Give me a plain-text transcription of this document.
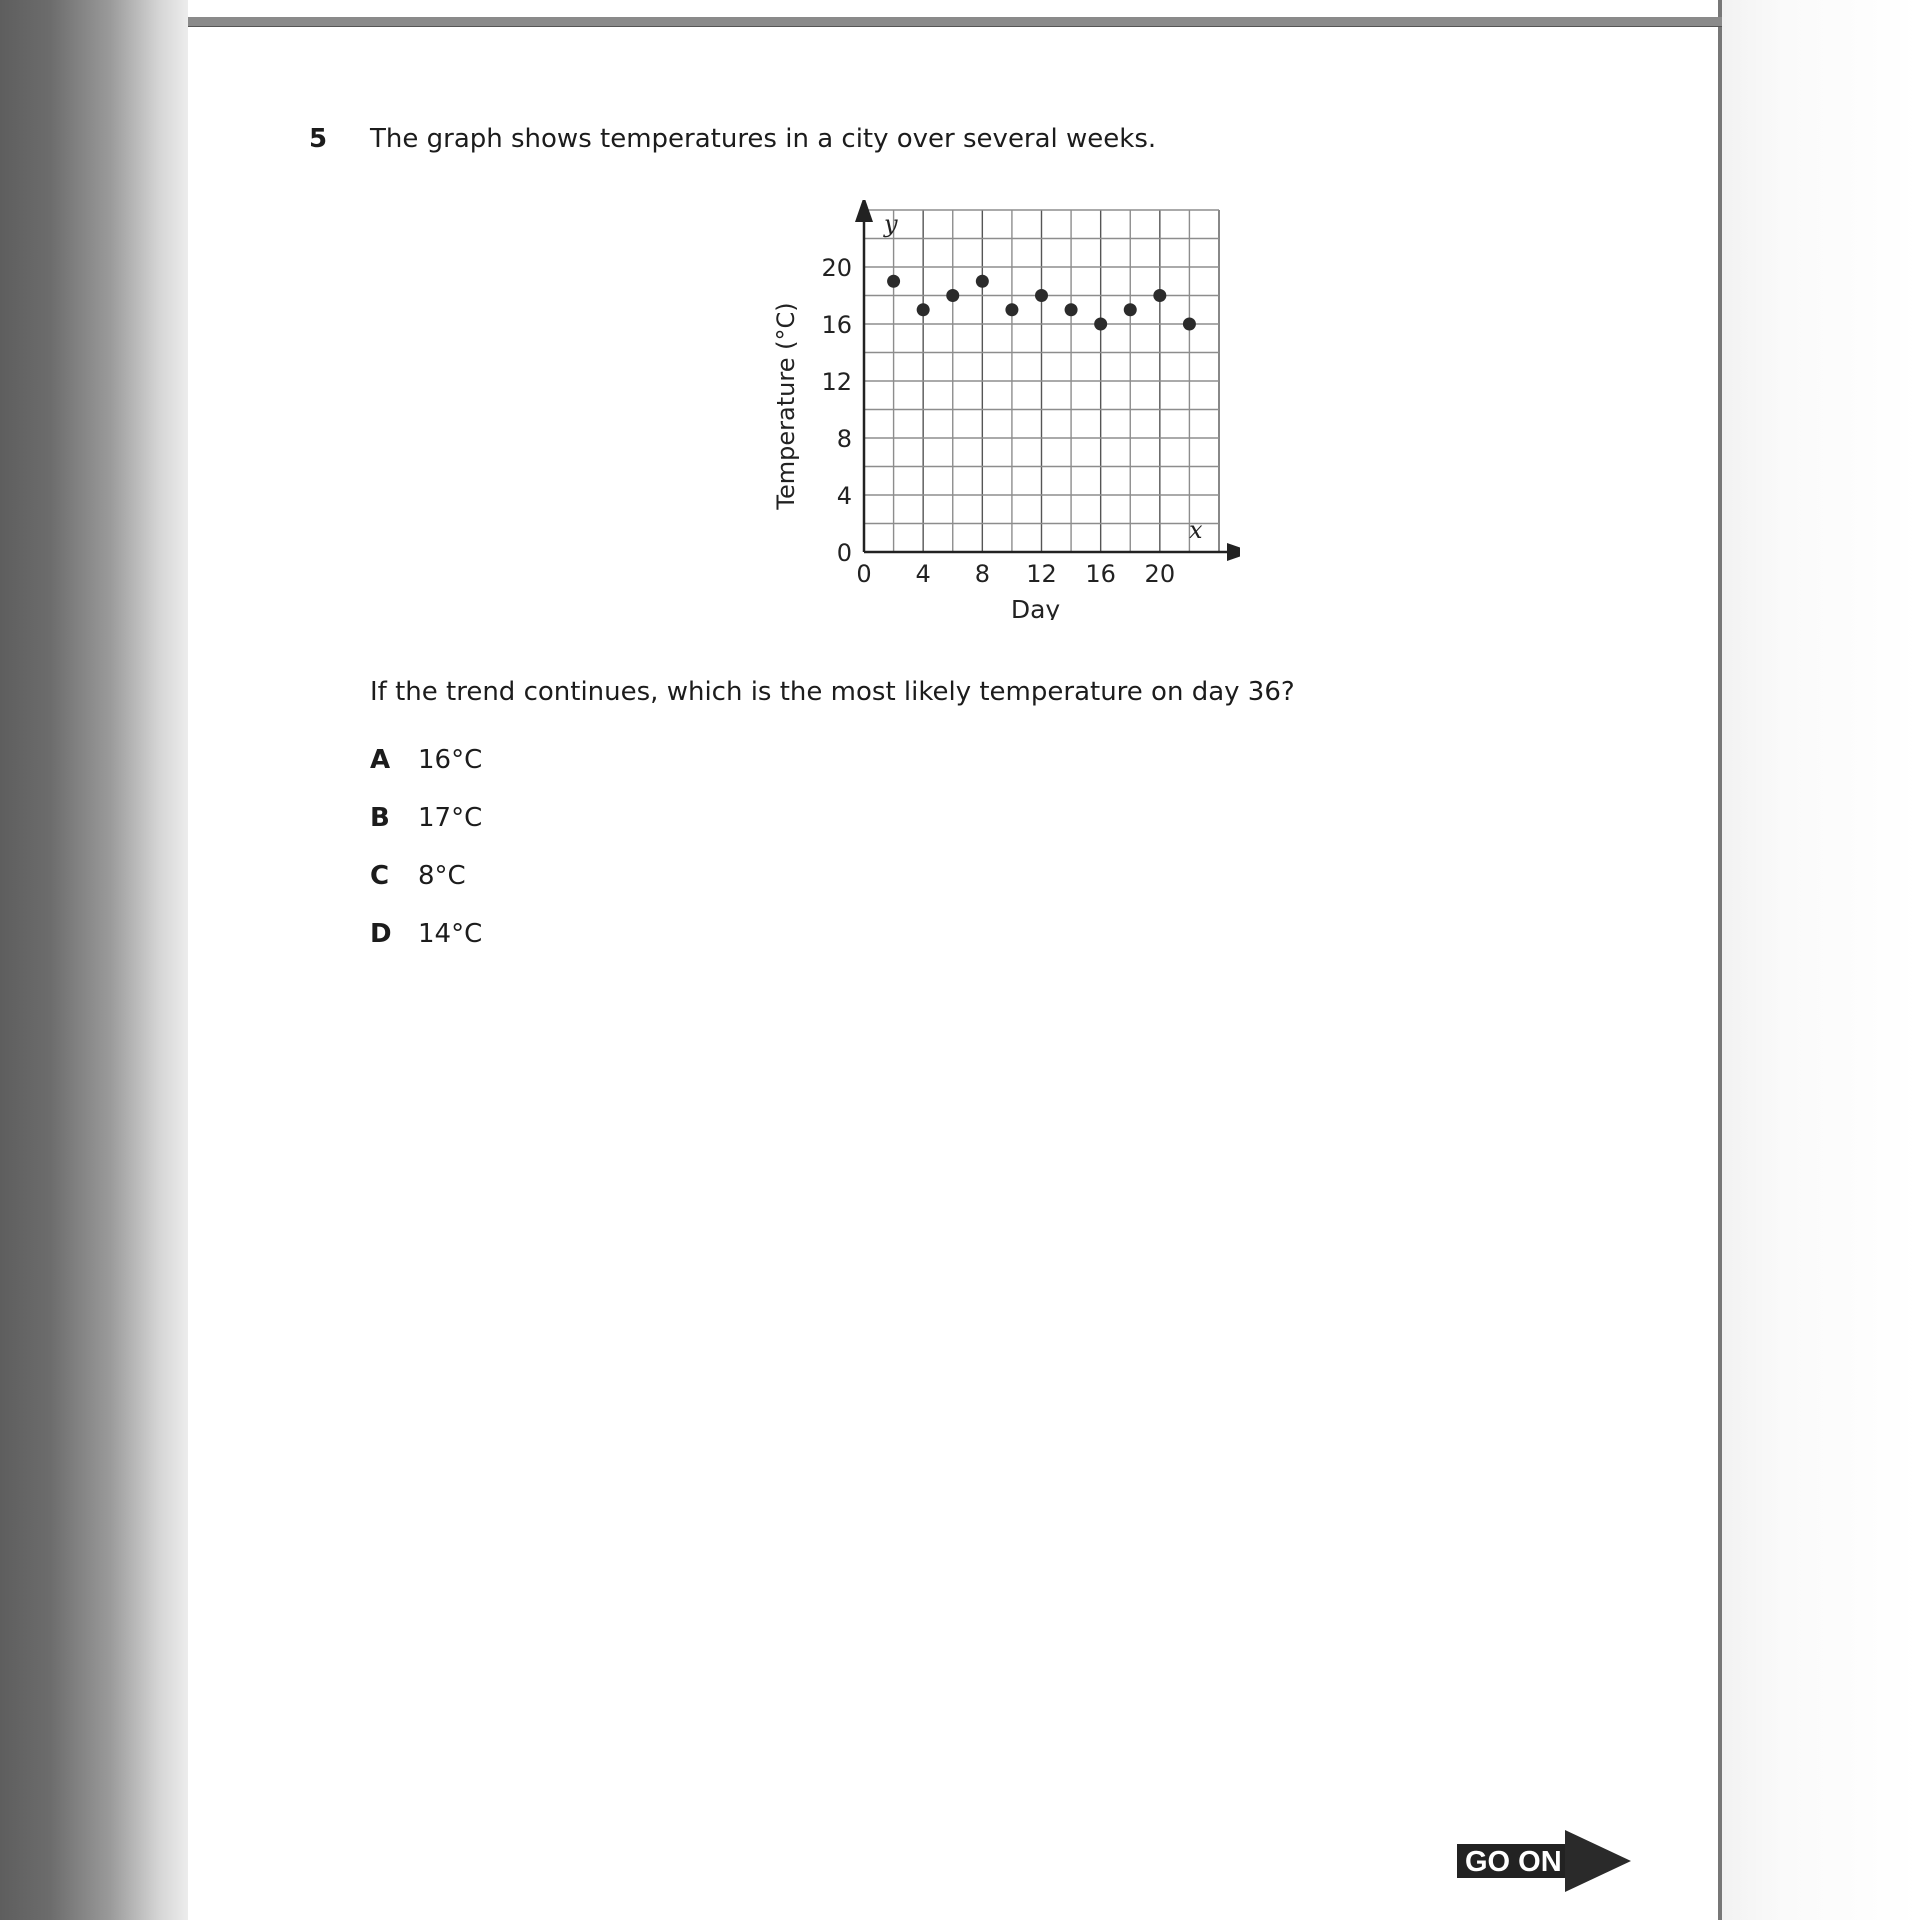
5 The graph shows temperatures in a city over several weeks.
y
x
0 4 8 12 16 20
0
4
8
12
16
20
Day
Temperature (°C)
If the trend continues, which is the most likely temperature on day 36?
A	16°C
B	17°C
C	8°C
D	14°C
GO ON
